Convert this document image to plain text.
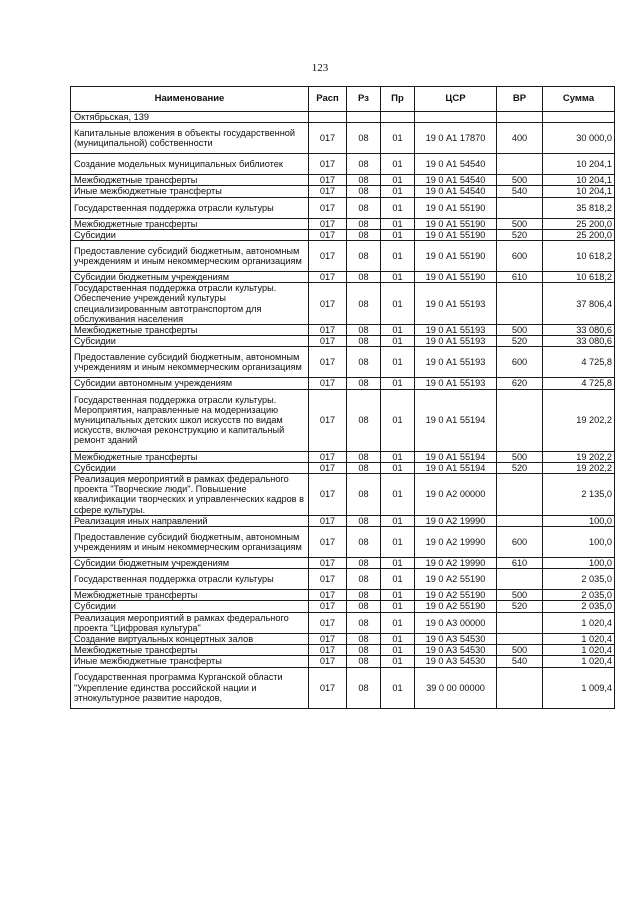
123
Наименование	Расп	Рз	Пр	ЦСР	ВР	Сумма
Октябрьская, 139						
Капитальные вложения в объекты государственной (муниципальной) собственности	017	08	01	19 0 А1 17870	400	30 000,0
Создание модельных муниципальных библиотек	017	08	01	19 0 А1 54540		10 204,1
Межбюджетные трансферты	017	08	01	19 0 А1 54540	500	10 204,1
Иные межбюджетные трансферты	017	08	01	19 0 А1 54540	540	10 204,1
Государственная поддержка отрасли культуры	017	08	01	19 0 А1 55190		35 818,2
Межбюджетные трансферты	017	08	01	19 0 А1 55190	500	25 200,0
Субсидии	017	08	01	19 0 А1 55190	520	25 200,0
Предоставление субсидий бюджетным, автономным учреждениям и иным некоммерческим организациям	017	08	01	19 0 А1 55190	600	10 618,2
Субсидии бюджетным учреждениям	017	08	01	19 0 А1 55190	610	10 618,2
Государственная поддержка отрасли культуры. Обеспечение учреждений культуры специализированным автотранспортом для обслуживания населения	017	08	01	19 0 А1 55193		37 806,4
Межбюджетные трансферты	017	08	01	19 0 А1 55193	500	33 080,6
Субсидии	017	08	01	19 0 А1 55193	520	33 080,6
Предоставление субсидий бюджетным, автономным учреждениям и иным некоммерческим организациям	017	08	01	19 0 А1 55193	600	4 725,8
Субсидии автономным учреждениям	017	08	01	19 0 А1 55193	620	4 725,8
Государственная поддержка отрасли культуры. Мероприятия, направленные на модернизацию муниципальных детских школ искусств по видам искусств, включая реконструкцию и капитальный ремонт зданий	017	08	01	19 0 А1 55194		19 202,2
Межбюджетные трансферты	017	08	01	19 0 А1 55194	500	19 202,2
Субсидии	017	08	01	19 0 А1 55194	520	19 202,2
Реализация мероприятий в рамках федерального проекта "Творческие люди". Повышение квалификации творческих и управленческих кадров в сфере культуры.	017	08	01	19 0 А2 00000		2 135,0
Реализация иных направлений	017	08	01	19 0 А2 19990		100,0
Предоставление субсидий бюджетным, автономным учреждениям и иным некоммерческим организациям	017	08	01	19 0 А2 19990	600	100,0
Субсидии бюджетным учреждениям	017	08	01	19 0 А2 19990	610	100,0
Государственная поддержка отрасли культуры	017	08	01	19 0 А2 55190		2 035,0
Межбюджетные трансферты	017	08	01	19 0 А2 55190	500	2 035,0
Субсидии	017	08	01	19 0 А2 55190	520	2 035,0
Реализация мероприятий в рамках федерального проекта "Цифровая культура"	017	08	01	19 0 А3 00000		1 020,4
Создание виртуальных концертных залов	017	08	01	19 0 А3 54530		1 020,4
Межбюджетные трансферты	017	08	01	19 0 А3 54530	500	1 020,4
Иные межбюджетные трансферты	017	08	01	19 0 А3 54530	540	1 020,4
Государственная программа Курганской области "Укрепление единства российской нации и этнокультурное развитие народов,	017	08	01	39 0 00 00000		1 009,4
